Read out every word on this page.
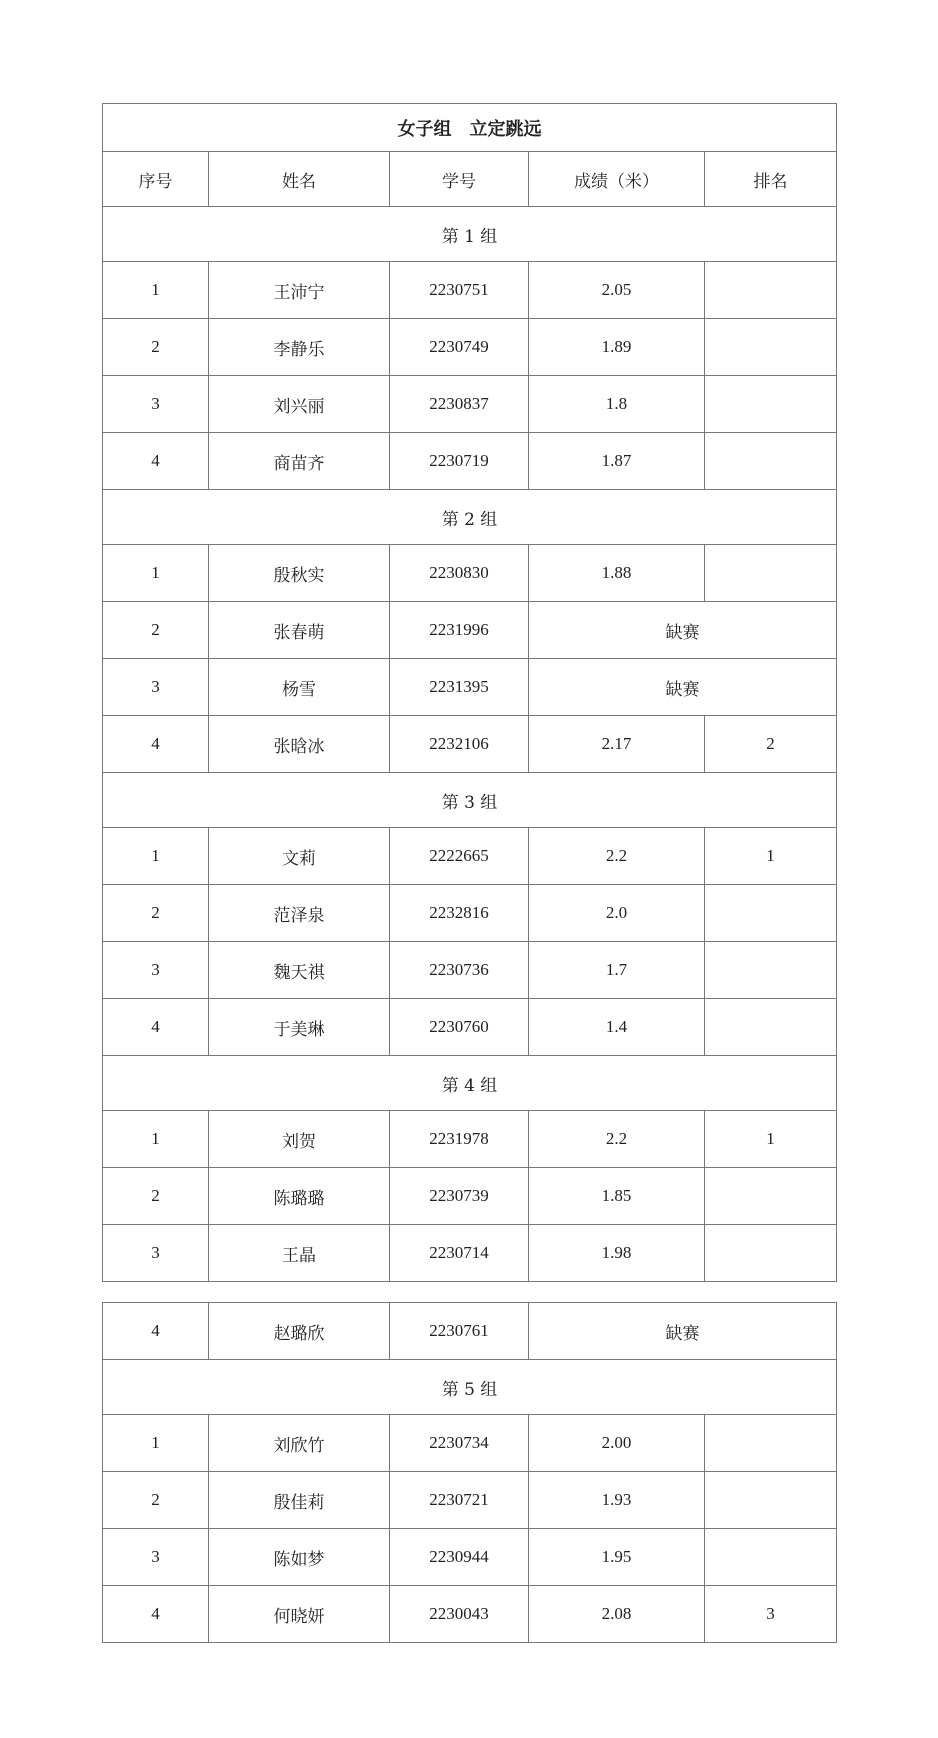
女子组　立定跳远				
序号	姓名	学号	成绩（米）	排名
第 1 组				
1	王沛宁	2230751	2.05	
2	李静乐	2230749	1.89	
3	刘兴丽	2230837	1.8	
4	商苗齐	2230719	1.87	
第 2 组				
1	殷秋实	2230830	1.88	
2	张春萌	2231996	缺赛	
3	杨雪	2231395	缺赛	
4	张晗冰	2232106	2.17	2
第 3 组				
1	文莉	2222665	2.2	1
2	范泽泉	2232816	2.0	
3	魏天祺	2230736	1.7	
4	于美琳	2230760	1.4	
第 4 组				
1	刘贺	2231978	2.2	1
2	陈璐璐	2230739	1.85	
3	王晶	2230714	1.98	
4	赵璐欣	2230761	缺赛	
第 5 组				
1	刘欣竹	2230734	2.00	
2	殷佳莉	2230721	1.93	
3	陈如梦	2230944	1.95	
4	何晓妍	2230043	2.08	3
